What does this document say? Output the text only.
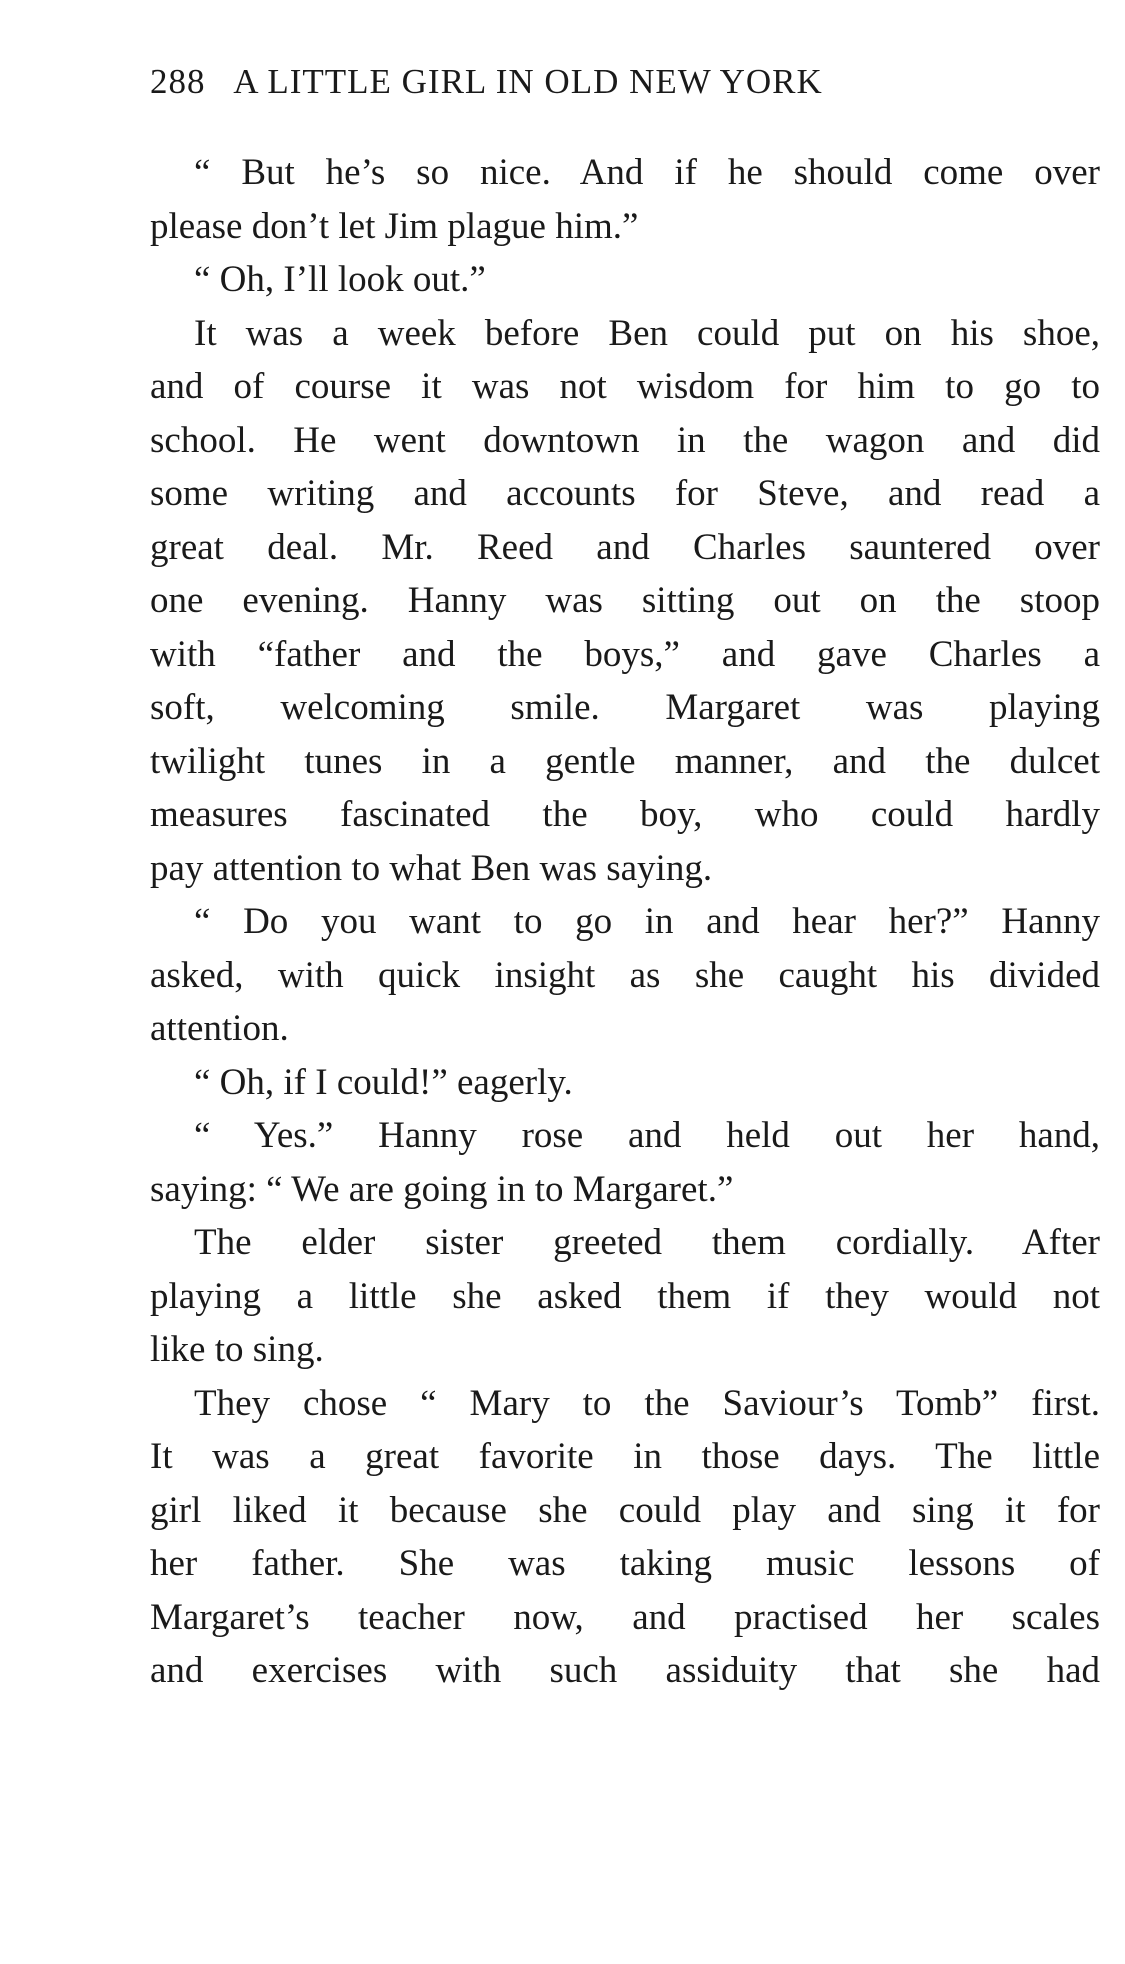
288 A LITTLE GIRL IN OLD NEW YORK
“ But he’s so nice. And if he should come over
please don’t let Jim plague him.”
“ Oh, I’ll look out.”
It was a week before Ben could put on his shoe,
and of course it was not wisdom for him to go to
school. He went downtown in the wagon and did
some writing and accounts for Steve, and read a
great deal. Mr. Reed and Charles sauntered over
one evening. Hanny was sitting out on the stoop
with “father and the boys,” and gave Charles a
soft, welcoming smile. Margaret was playing
twilight tunes in a gentle manner, and the dulcet
measures fascinated the boy, who could hardly
pay attention to what Ben was saying.
“ Do you want to go in and hear her?” Hanny
asked, with quick insight as she caught his divided
attention.
“ Oh, if I could!” eagerly.
“ Yes.” Hanny rose and held out her hand,
saying: “ We are going in to Margaret.”
The elder sister greeted them cordially. After
playing a little she asked them if they would not
like to sing.
They chose “ Mary to the Saviour’s Tomb” first.
It was a great favorite in those days. The little
girl liked it because she could play and sing it for
her father. She was taking music lessons of
Margaret’s teacher now, and practised her scales
and exercises with such assiduity that she had
